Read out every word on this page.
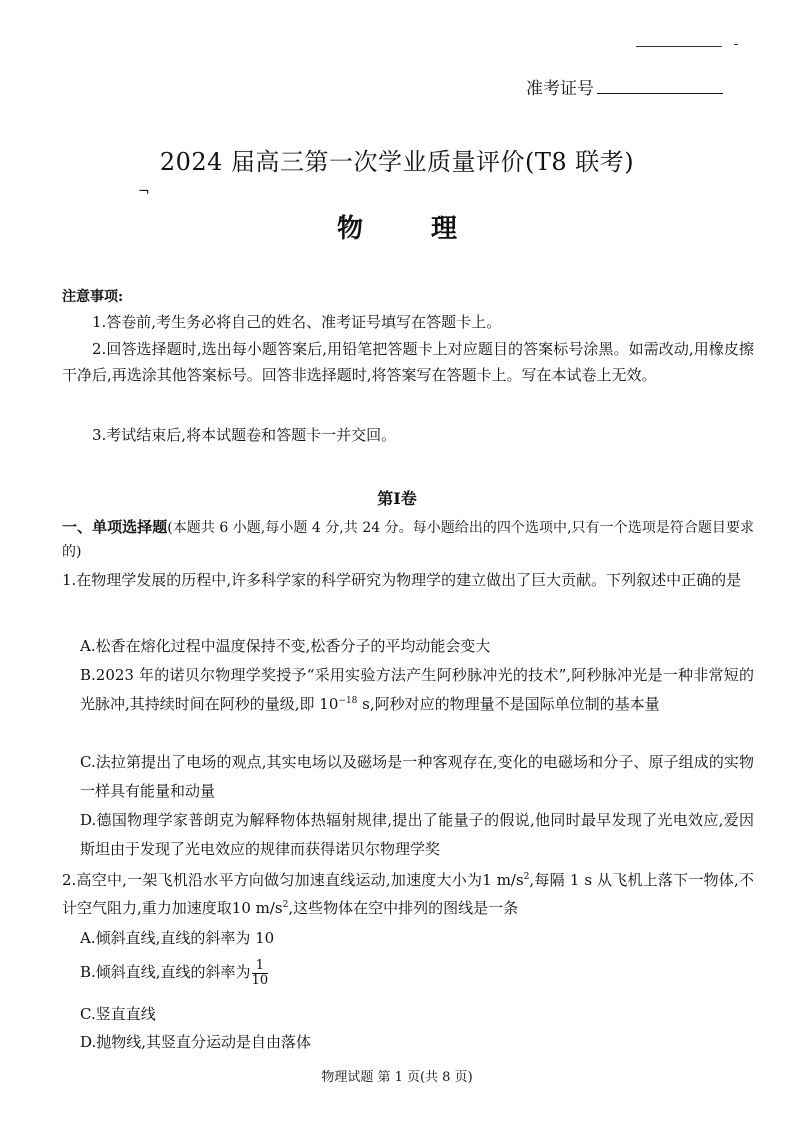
准考证号
2024 届高三第一次学业质量评价(T8 联考)
¬
物	理
注意事项:
1.答卷前,考生务必将自己的姓名、准考证号填写在答题卡上。
2.回答选择题时,选出每小题答案后,用铅笔把答题卡上对应题目的答案标号涂黑。如需改动,用橡皮擦干净后,再选涂其他答案标号。回答非选择题时,将答案写在答题卡上。写在本试卷上无效。
3.考试结束后,将本试题卷和答题卡一并交回。
第Ⅰ卷
一、单项选择题(本题共 6 小题,每小题 4 分,共 24 分。每小题给出的四个选项中,只有一个选项是符合题目要求的)
1.在物理学发展的历程中,许多科学家的科学研究为物理学的建立做出了巨大贡献。下列叙述中正确的是
A.松香在熔化过程中温度保持不变,松香分子的平均动能会变大
B.2023 年的诺贝尔物理学奖授予“采用实验方法产生阿秒脉冲光的技术”,阿秒脉冲光是一种非常短的光脉冲,其持续时间在阿秒的量级,即 $10^{-18}$ s,阿秒对应的物理量不是国际单位制的基本量
C.法拉第提出了电场的观点,其实电场以及磁场是一种客观存在,变化的电磁场和分子、原子组成的实物一样具有能量和动量
D.德国物理学家普朗克为解释物体热辐射规律,提出了能量子的假说,他同时最早发现了光电效应,爱因斯坦由于发现了光电效应的规律而获得诺贝尔物理学奖
2.高空中,一架飞机沿水平方向做匀加速直线运动,加速度大小为1 $m/s^2$,每隔 1 s 从飞机上落下一物体,不计空气阻力,重力加速度取10 $m/s^2$,这些物体在空中排列的图线是一条
A.倾斜直线,直线的斜率为 10
B.倾斜直线,直线的斜率为 $\frac{1}{10}$
C.竖直直线
D.抛物线,其竖直分运动是自由落体
物理试题 第 1 页(共 8 页)
